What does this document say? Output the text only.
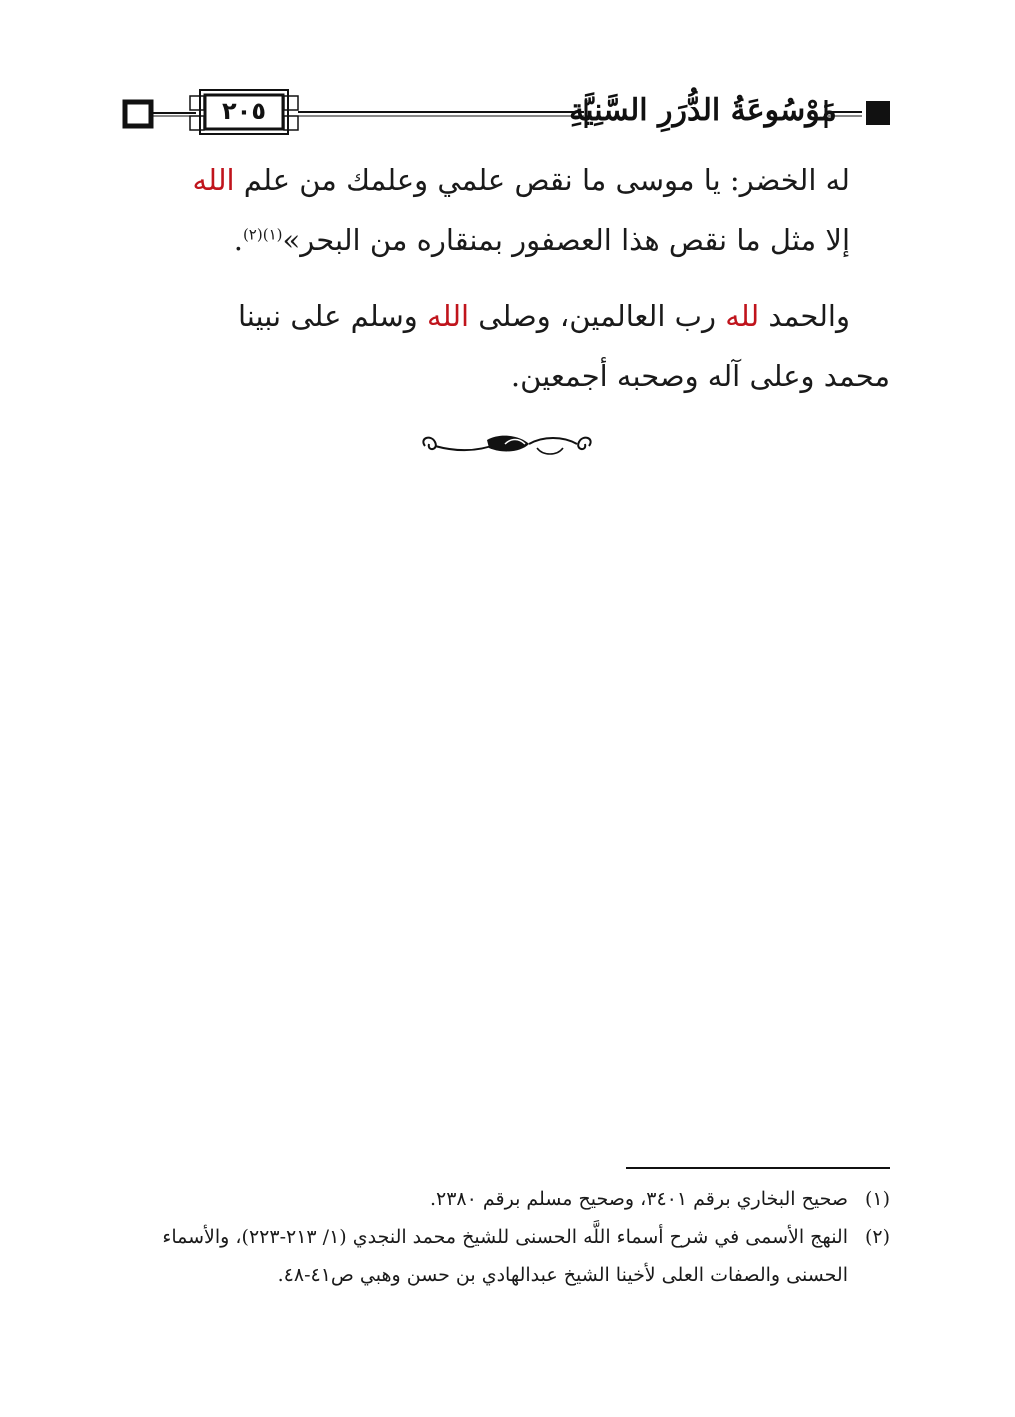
٢٠٥	مَوْسُوعَةُ الدُّرَرِ السَّنِيَّةِ

له الخضر: يا موسى ما نقص علمي وعلمك من علم الله إلا مثل ما نقص هذا العصفور بمنقاره من البحر»$^{(١)(٢)}$.

والحمد لله رب العالمين، وصلى الله وسلم على نبينا
محمد وعلى آله وصحبه أجمعين.

(١)
صحيح البخاري برقم ٣٤٠١، وصحيح مسلم برقم ٢٣٨٠.
(٢)
النهج الأسمى في شرح أسماء اللَّه الحسنى للشيخ محمد النجدي (١/ ٢١٣-٢٢٣)، والأسماء الحسنى والصفات العلى لأخينا الشيخ عبدالهادي بن حسن وهبي ص٤١-٤٨.
